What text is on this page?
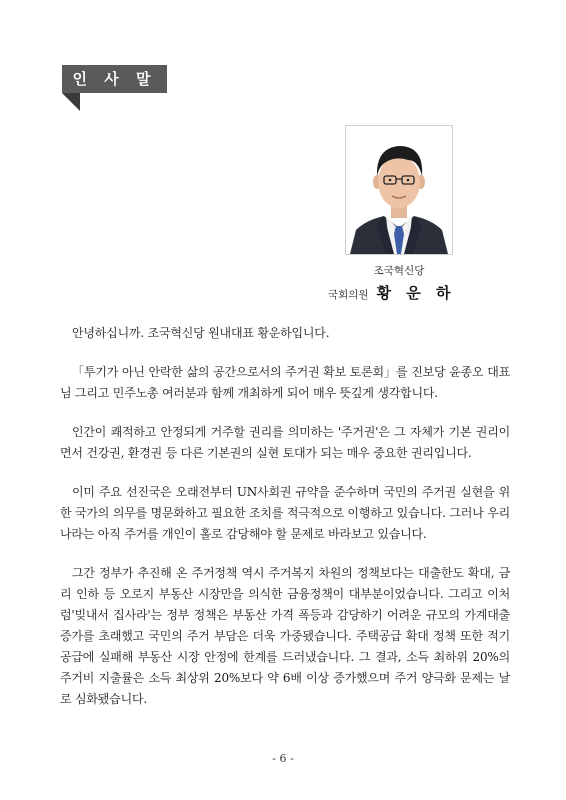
인 사 말
조국혁신당
국회의원 황 운 하

안녕하십니까. 조국혁신당 원내대표 황운하입니다.

「투기가 아닌 안락한 삶의 공간으로서의 주거권 확보 토론회」를 진보당 윤종오 대표님 그리고 민주노총 여러분과 함께 개최하게 되어 매우 뜻깊게 생각합니다.

인간이 쾌적하고 안정되게 거주할 권리를 의미하는 '주거권'은 그 자체가 기본 권리이면서 건강권, 환경권 등 다른 기본권의 실현 토대가 되는 매우 중요한 권리입니다.

이미 주요 선진국은 오래전부터 UN사회권 규약을 준수하며 국민의 주거권 실현을 위한 국가의 의무를 명문화하고 필요한 조치를 적극적으로 이행하고 있습니다. 그러나 우리나라는 아직 주거를 개인이 홀로 감당해야 할 문제로 바라보고 있습니다.

그간 정부가 추진해 온 주거정책 역시 주거복지 차원의 정책보다는 대출한도 확대, 금리 인하 등 오로지 부동산 시장만을 의식한 금융정책이 대부분이었습니다. 그리고 이처럼'빚내서 집사라'는 정부 정책은 부동산 가격 폭등과 감당하기 어려운 규모의 가계대출 증가를 초래했고 국민의 주거 부담은 더욱 가중됐습니다. 주택공급 확대 정책 또한 적기 공급에 실패해 부동산 시장 안정에 한계를 드러냈습니다. 그 결과, 소득 최하위 20%의 주거비 지출률은 소득 최상위 20%보다 약 6배 이상 증가했으며 주거 양극화 문제는 날로 심화됐습니다.

- 6 -
